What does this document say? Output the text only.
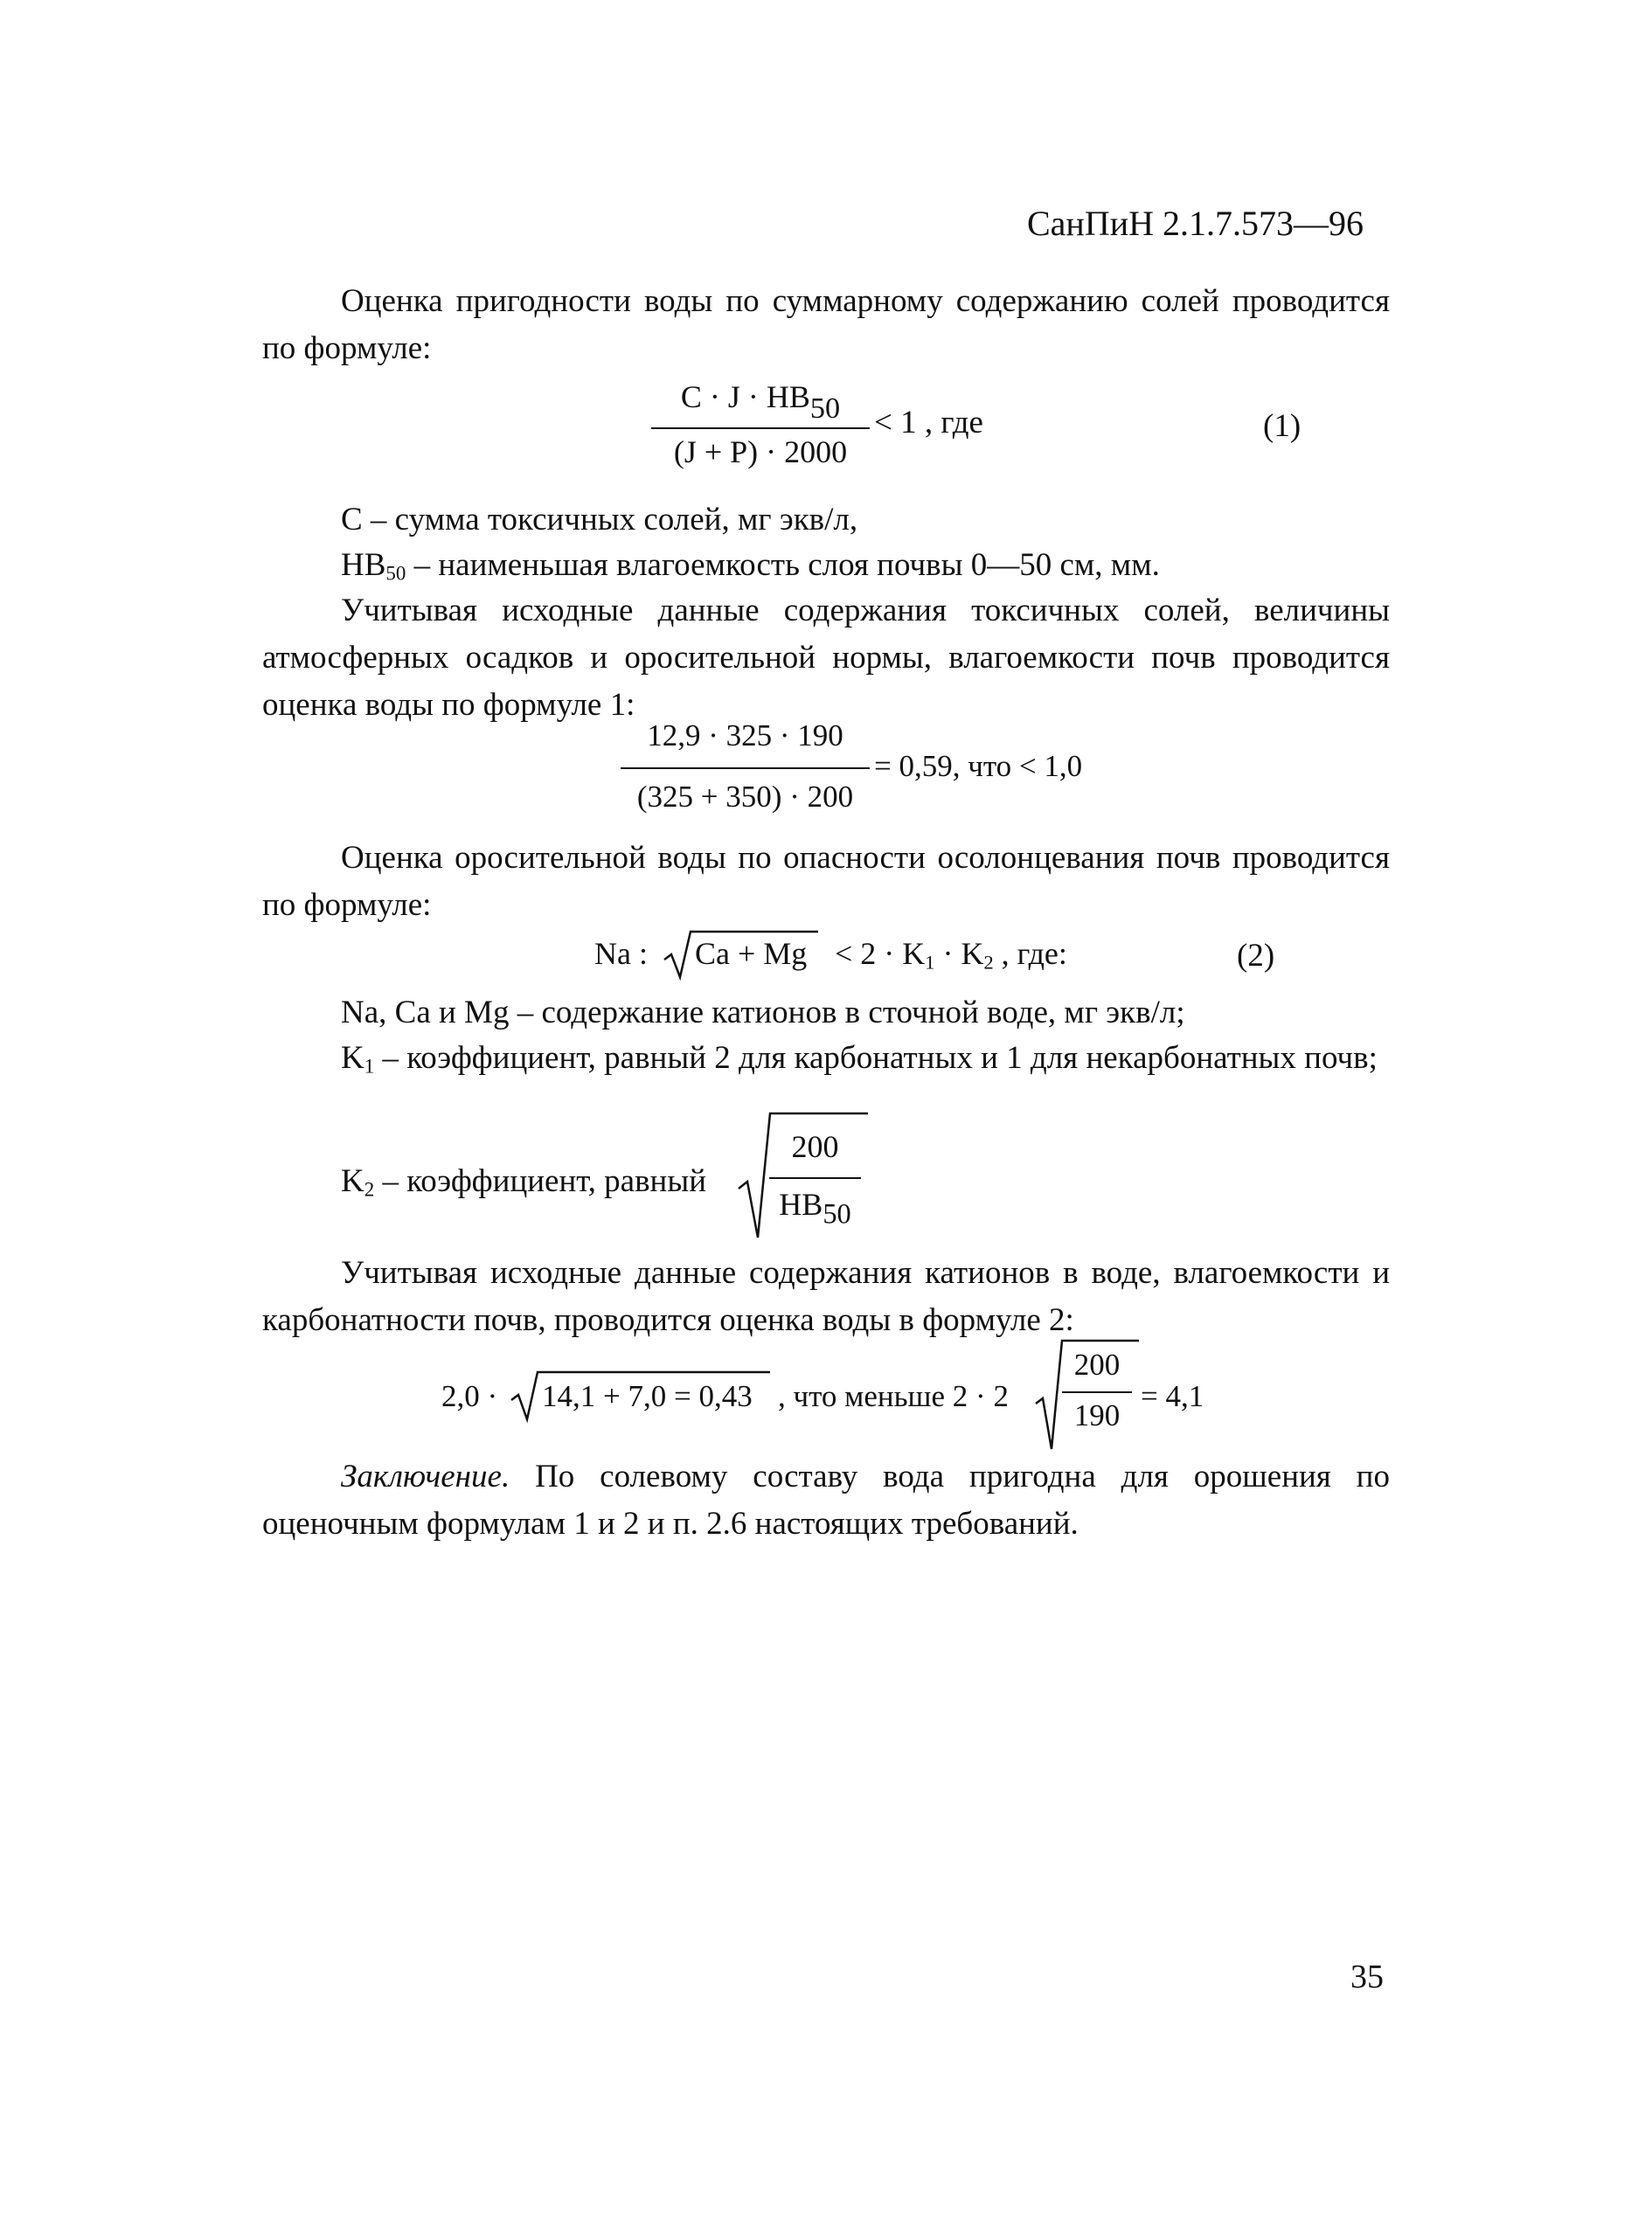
СанПиН 2.1.7.573—96
Оценка пригодности воды по суммарному содержанию солей проводится по формуле:
$C \cdot J \cdot HB_{50}$
(J + P) · 2000
< 1 , где	(1)
С – сумма токсичных солей, мг экв/л,
$НВ_{50}$ – наименьшая влагоемкость слоя почвы 0—50 см, мм.
Учитывая исходные данные содержания токсичных солей, величины атмосферных осадков и оросительной нормы, влагоемкости почв проводится оценка воды по формуле 1:
12,9 · 325 · 190
(325 + 350) · 200
= 0,59, что < 1,0
Оценка оросительной воды по опасности осолонцевания почв проводится по формуле:
Na : $Ca + Mg < 2 \cdot K_1 \cdot K_2$ , где:	(2)
Na, Ca и Mg – содержание катионов в сточной воде, мг экв/л;
$K_1$ – коэффициент, равный 2 для карбонатных и 1 для некарбонатных почв;
$K_2$ – коэффициент, равный
200
$HB_{50}$
Учитывая исходные данные содержания катионов в воде, влагоемкости и карбонатности почв, проводится оценка воды в формуле 2:
2,0 · 14,1 + 7,0 = 0,43 , что меньше 2 · 2
200
190
= 4,1
Заключение. По солевому составу вода пригодна для орошения по оценочным формулам 1 и 2 и п. 2.6 настоящих требований.
35
